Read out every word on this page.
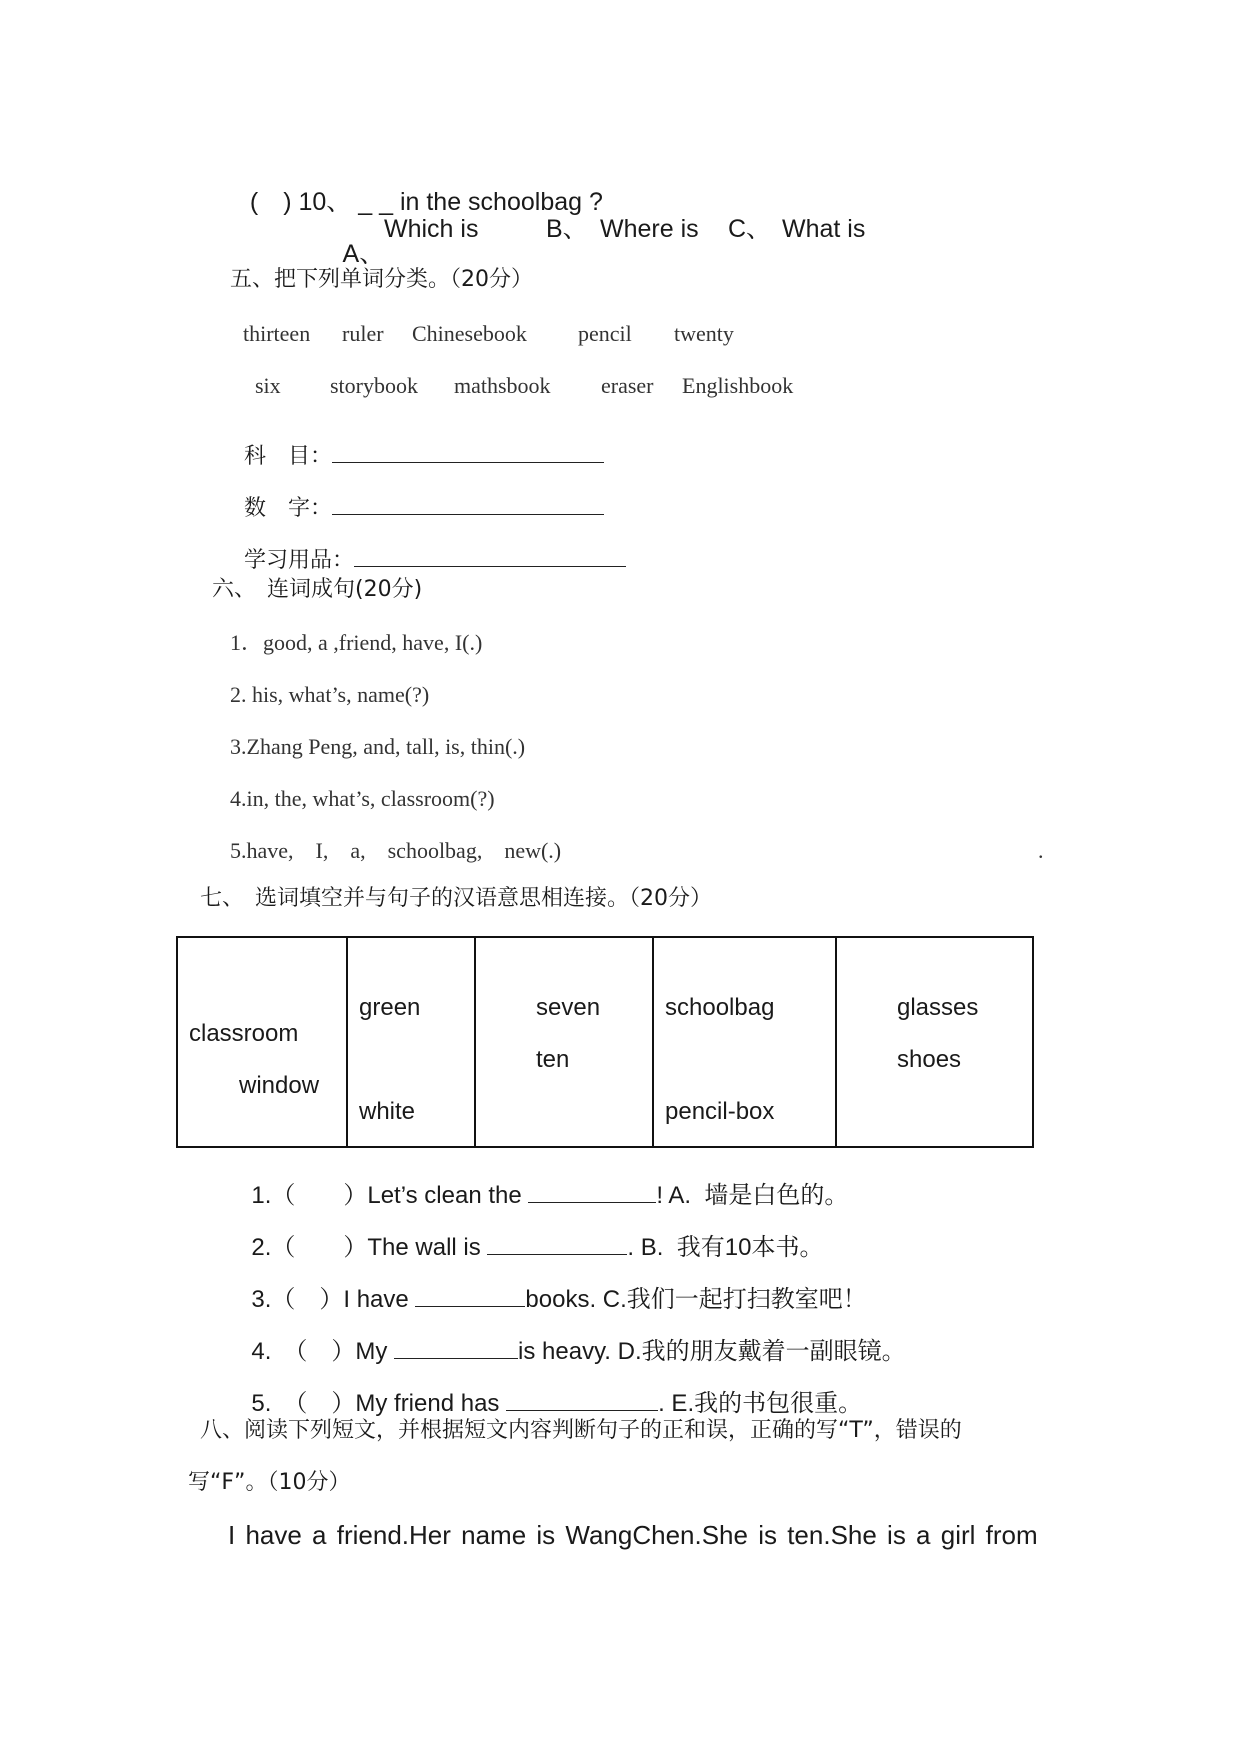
(　) 10、 _ _ in the schoolbag ?

A、

Which is	B、 Where is C、 What is
五、把下列单词分类。（20分）
thirteen ruler Chinesebook pencil twenty
six storybook mathsbook eraser Englishbook

科　目：

数　字：

学习用品：

六、　连词成句(20分)
1．good, a ,friend, have, I(.)
2. his, what’s, name(?)
3.Zhang Peng, and, tall, is, thin(.)
4.in, the, what’s, classroom(?)
5.have,　I,　a,　schoolbag,　new(.)	.
七、　选词填空并与句子的汉语意思相连接。（20分）
classroom
window

green
white

seven
ten

schoolbag
pencil-box

glasses
shoes

1.（　　）Let’s clean the	! A.  墙是白色的。

2.（　　）The wall is	. B.  我有10本书。

3.（　）I have	books. C.我们一起打扫教室吧！

4.　（　）My	is heavy. D.我的朋友戴着一副眼镜。

5.　（　）My friend has	. E.我的书包很重。

八、阅读下列短文，并根据短文内容判断句子的正和误，正确的写“T”，错误的
写“F”。（10分）
I have a friend.Her name is WangChen.She is ten.She is a girl from
